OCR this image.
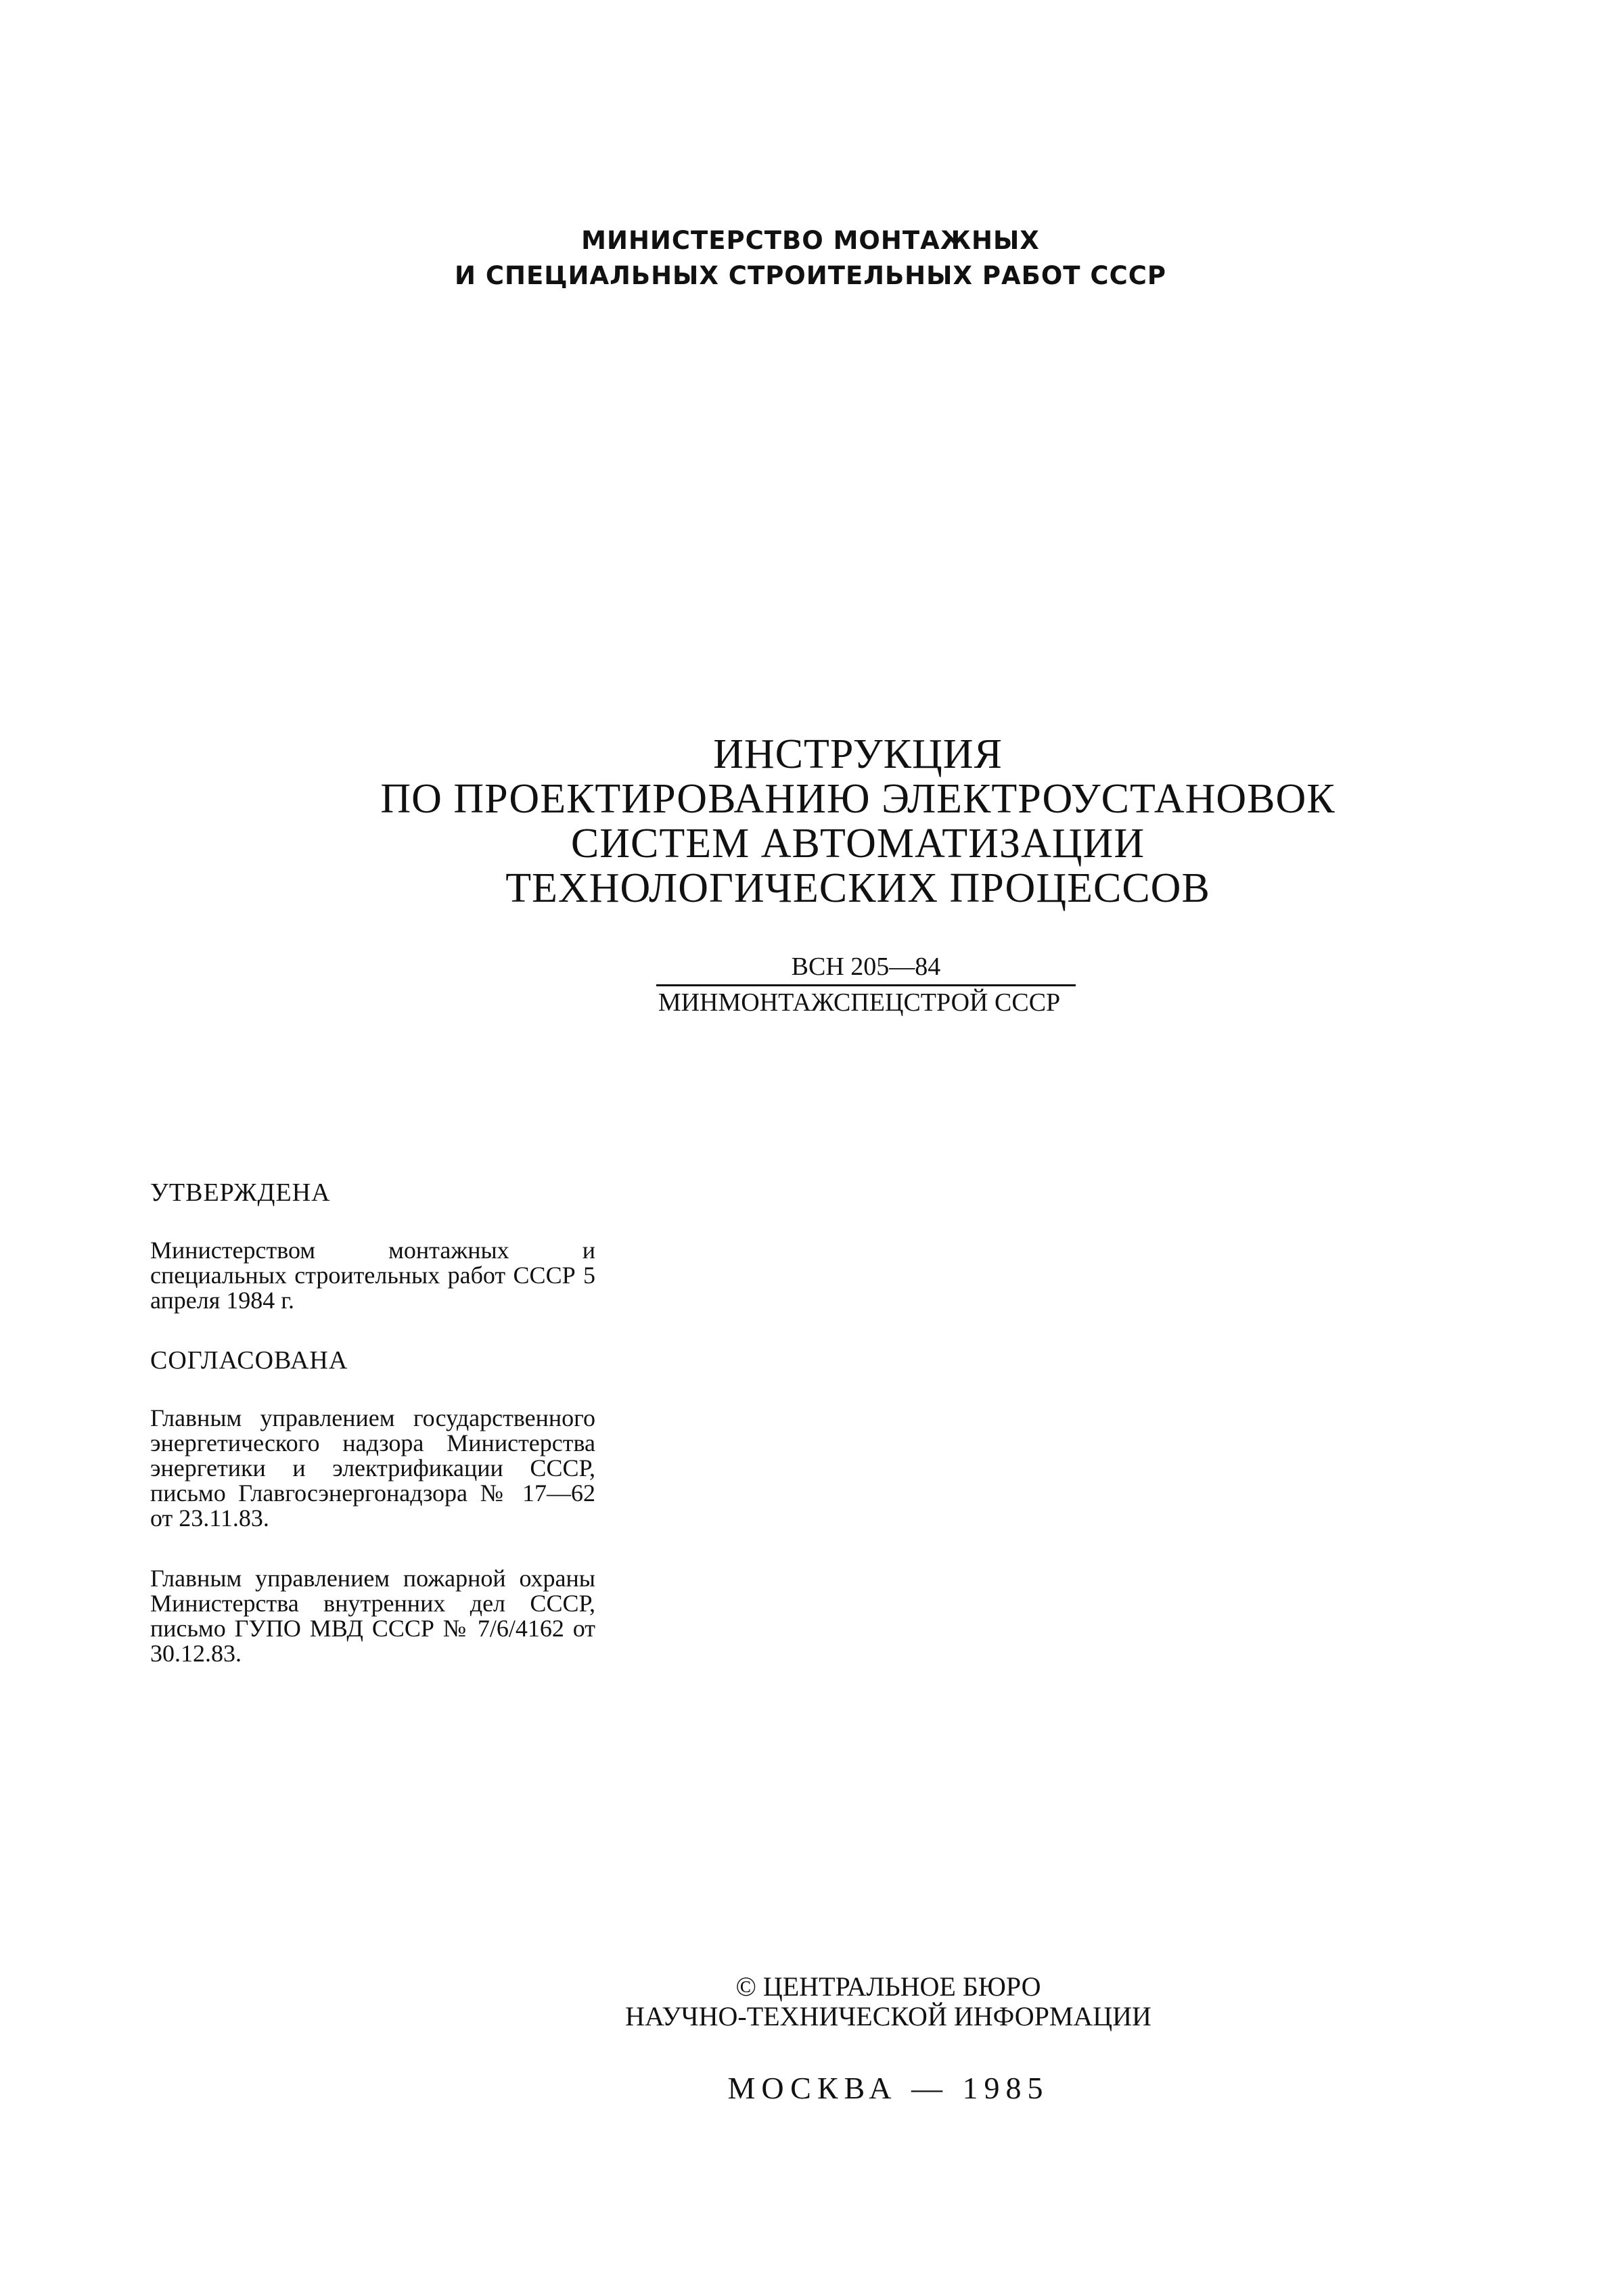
МИНИСТЕРСТВО МОНТАЖНЫХ
И СПЕЦИАЛЬНЫХ СТРОИТЕЛЬНЫХ РАБОТ СССР
ИНСТРУКЦИЯ
ПО ПРОЕКТИРОВАНИЮ ЭЛЕКТРОУСТАНОВОК
СИСТЕМ АВТОМАТИЗАЦИИ
ТЕХНОЛОГИЧЕСКИХ ПРОЦЕССОВ
ВСН 205—84
МИНМОНТАЖСПЕЦСТРОЙ СССР
УТВЕРЖДЕНА
Министерством монтажных и специальных строительных работ СССР 5 апреля 1984 г.
СОГЛАСОВАНА
Главным управлением государственного энергетического надзора Министерства энергетики и электрификации СССР, письмо Главгосэнергонадзора № 17—62 от 23.11.83.
Главным управлением пожарной охраны Министерства внутренних дел СССР, письмо ГУПО МВД СССР № 7/6/4162 от 30.12.83.
© ЦЕНТРАЛЬНОЕ БЮРО
НАУЧНО-ТЕХНИЧЕСКОЙ ИНФОРМАЦИИ
МОСКВА — 1985
